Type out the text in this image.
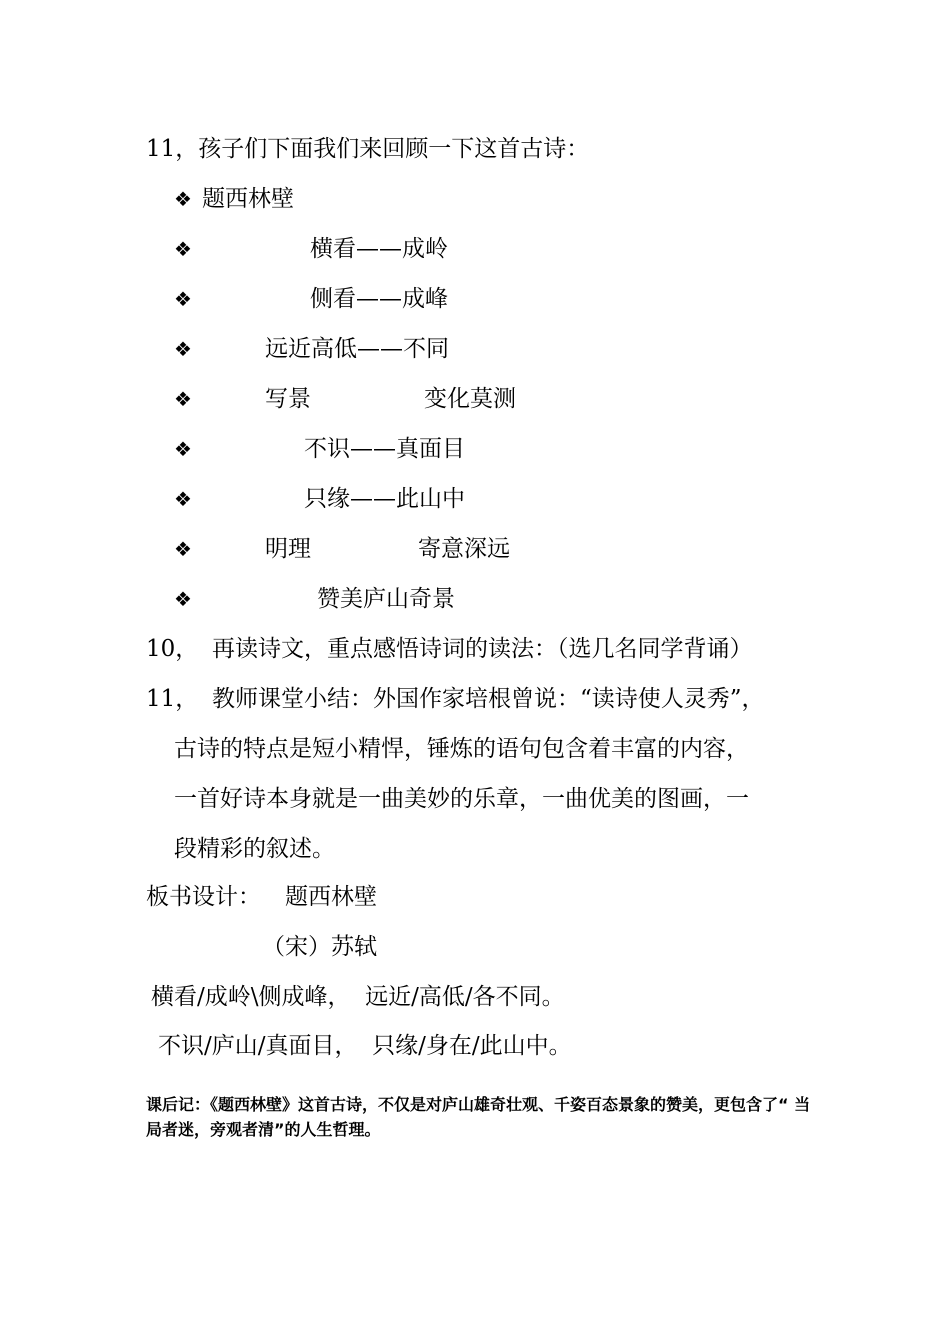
11，孩子们下面我们来回顾一下这首古诗：
❖ 题西林壁
❖	横看——成岭
❖	侧看——成峰
❖	远近高低——不同
❖	写景	变化莫测
❖	不识——真面目
❖	只缘——此山中
❖	明理	寄意深远
❖	赞美庐山奇景
10， 再读诗文，重点感悟诗词的读法：（选几名同学背诵）
11， 教师课堂小结：外国作家培根曾说：“读诗使人灵秀”，
古诗的特点是短小精悍，锤炼的语句包含着丰富的内容，
一首好诗本身就是一曲美妙的乐章，一曲优美的图画，一
段精彩的叙述。
板书设计： 题西林壁
（宋）苏轼
横看/成岭\侧成峰，  远近/高低/各不同。
不识/庐山/真面目，  只缘/身在/此山中。
课后记：《题西林壁》这首古诗，不仅是对庐山雄奇壮观、千姿百态景象的赞美，更包含了“ 当局者迷，旁观者清”的人生哲理。
